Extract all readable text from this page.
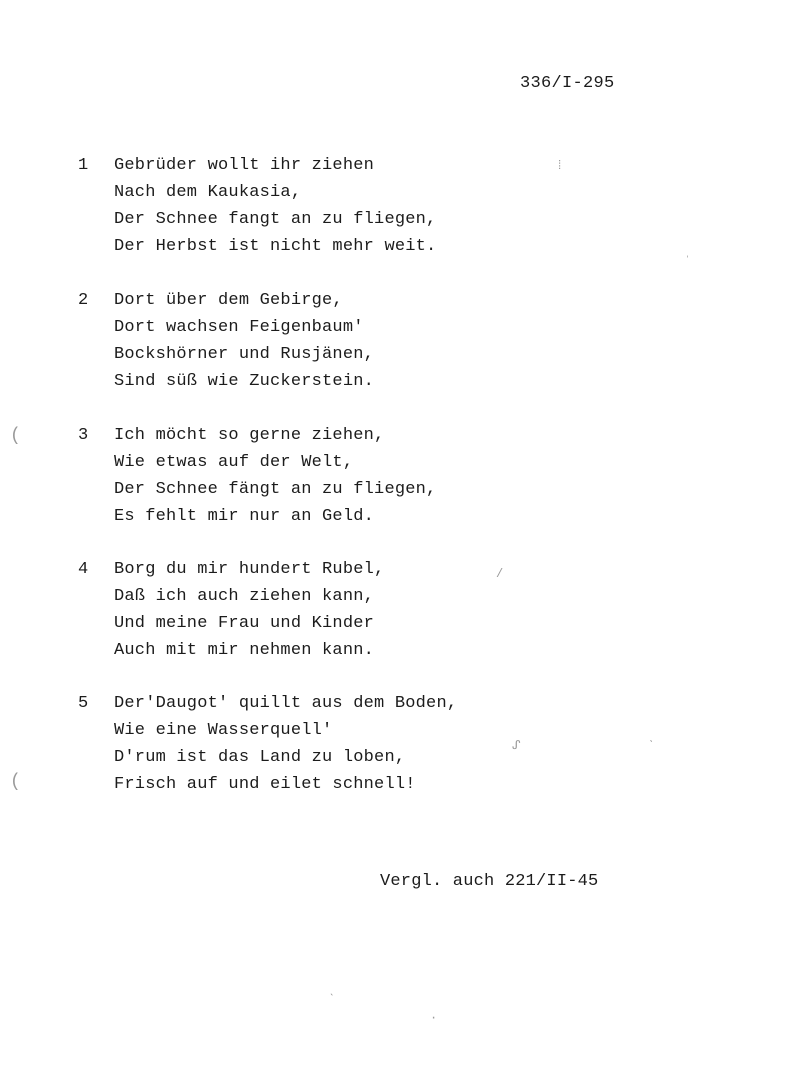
336/I-295
1 Gebrüder wollt ihr ziehen
Nach dem Kaukasia,
Der Schnee fangt an zu fliegen,
Der Herbst ist nicht mehr weit.
2 Dort über dem Gebirge,
Dort wachsen Feigenbaum'
Bockshörner und Rusjänen,
Sind süß wie Zuckerstein.
3 Ich möcht so gerne ziehen,
Wie etwas auf der Welt,
Der Schnee fängt an zu fliegen,
Es fehlt mir nur an Geld.
4 Borg du mir hundert Rubel,
Daß ich auch ziehen kann,
Und meine Frau und Kinder
Auch mit mir nehmen kann.
5 Der'Daugot' quillt aus dem Boden,
Wie eine Wasserquell'
D'rum ist das Land zu loben,
Frisch auf und eilet schnell!
Vergl. auch 221/II-45
⁞
ˌ
(
/
ᔑ	ˋ
(
ˎ
·
